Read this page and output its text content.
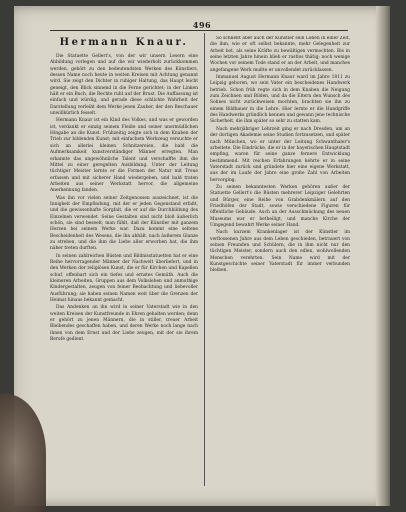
496
Hermann Knaur.

Die Statuette Gellert's, von der wir unsern Lesern eine Abbildung vorlegen und auf die wir wiederholt zurückkommen werden, gehört zu den bedeutendsten Werken des Künstlers, dessen Name noch heute in weiten Kreisen mit Achtung genannt wird. Sie zeigt den Dichter in ruhiger Haltung, das Haupt leicht geneigt, den Blick sinnend in die Ferne gerichtet; in der Linken hält er ein Buch, die Rechte ruht auf der Brust. Die Auffassung ist einfach und würdig, und gerade diese schlichte Wahrheit der Darstellung verleiht dem Werke jenen Zauber, der den Beschauer unwillkürlich fesselt.

Hermann Knaur ist ein Kind des Volkes, und was er geworden ist, verdankt er einzig seinem Fleiße und seiner unermüdlichen Hingabe an die Kunst. Frühzeitig zeigte sich in dem Knaben der Trieb zur bildenden Kunst; mit einfachem Werkzeug versuchte er sich an allerlei kleinen Schnitzereien, die bald die Aufmerksamkeit kunstverständiger Männer erregten. Man erkannte das ungewöhnliche Talent und verschaffte ihm die Mittel zu einer geregelten Ausbildung. Unter der Leitung tüchtiger Meister lernte er die Formen der Natur mit Treue erfassen und mit sicherer Hand wiedergeben, und bald traten Arbeiten aus seiner Werkstatt hervor, die allgemeine Anerkennung fanden.

Was ihn vor vielen seiner Zeitgenossen auszeichnet, ist die Innigkeit der Empfindung, mit der er jeden Gegenstand erfaßt, und die gewissenhafte Sorgfalt, die er auf die Durchbildung des Einzelnen verwendet. Seine Gestalten sind nicht bloß äußerlich schön, sie sind beseelt; man fühlt, daß der Künstler mit ganzem Herzen bei seinem Werke war. Dazu kommt eine seltene Bescheidenheit des Wesens, die ihn abhält, nach äußerem Glanze zu streben, und die ihm die Liebe aller erworben hat, die ihm näher treten durften.

In seinen zahlreichen Büsten und Bildnisstatuetten hat er eine Reihe hervorragender Männer der Nachwelt überliefert, und in den Werken der religiösen Kunst, die er für Kirchen und Kapellen schuf, offenbart sich ein tiefes und ernstes Gemüth. Auch die kleineren Arbeiten, Gruppen aus dem Volksleben und anmuthige Kindergestalten, zeugen von feiner Beobachtung und liebevoller Ausführung; sie haben seinen Namen weit über die Grenzen der Heimat hinaus bekannt gemacht.

Das Andenken an ihn wird in seiner Vaterstadt wie in den weiten Kreisen der Kunstfreunde in Ehren gehalten werden; denn er gehört zu jenen Männern, die in stiller, treuer Arbeit Bleibendes geschaffen haben, und deren Werke noch lange nach ihnen von dem Ernst und der Liebe zeugen, mit der sie ihrem Berufe gedient.

So schließt aber auch der Künstler sein Leben in einer Zeit, die ihm, wie er oft selbst bekannte, mehr Gelegenheit zur Arbeit bot, als seine Kräfte zu bewältigen vermochten. Bis in seine letzten Jahre hinein blieb er rastlos thätig; noch wenige Wochen vor seinem Tode stand er an der Arbeit, und manches angefangene Werk mußte er unvollendet zurücklassen.

Immanuel August Hermann Knaur ward im Jahre 1811 zu Leipzig geboren, wo sein Vater ein bescheidenes Handwerk betrieb. Schon früh regte sich in dem Knaben die Neigung zum Zeichnen und Bilden, und da die Eltern den Wunsch des Sohnes nicht zurückweisen mochten, brachten sie ihn zu einem Bildhauer in die Lehre. Hier lernte er die Handgriffe des Handwerks gründlich kennen und gewann jene technische Sicherheit, die ihm später so sehr zu statten kam.

Nach mehrjähriger Lehrzeit ging er nach Dresden, um an der dortigen Akademie seine Studien fortzusetzen, und später nach München, wo er unter der Leitung Schwanthaler's arbeitete. Die Eindrücke, die er in der bayerischen Hauptstadt empfing, waren für seine ganze fernere Entwicklung bestimmend. Mit reichen Erfahrungen kehrte er in seine Vaterstadt zurück und gründete hier eine eigene Werkstatt, aus der im Laufe der Jahre eine große Zahl von Arbeiten hervorging.

Zu seinen bekanntesten Werken gehören außer der Statuette Gellert's die Büsten mehrerer Leipziger Gelehrten und Bürger, eine Reihe von Grabdenkmälern auf den Friedhöfen der Stadt, sowie verschiedene Figuren für öffentliche Gebäude. Auch an der Ausschmückung des neuen Museums war er betheiligt, und manche Kirche der Umgegend bewahrt Werke seiner Hand.

Nach kurzem Krankenlager ist der Künstler im verflossenen Jahre aus dem Leben geschieden, betrauert von seinen Freunden und Schülern, die in ihm nicht nur den tüchtigen Meister, sondern auch den edlen, wohlwollenden Menschen verehrten. Sein Name wird mit der Kunstgeschichte seiner Vaterstadt für immer verbunden bleiben.
